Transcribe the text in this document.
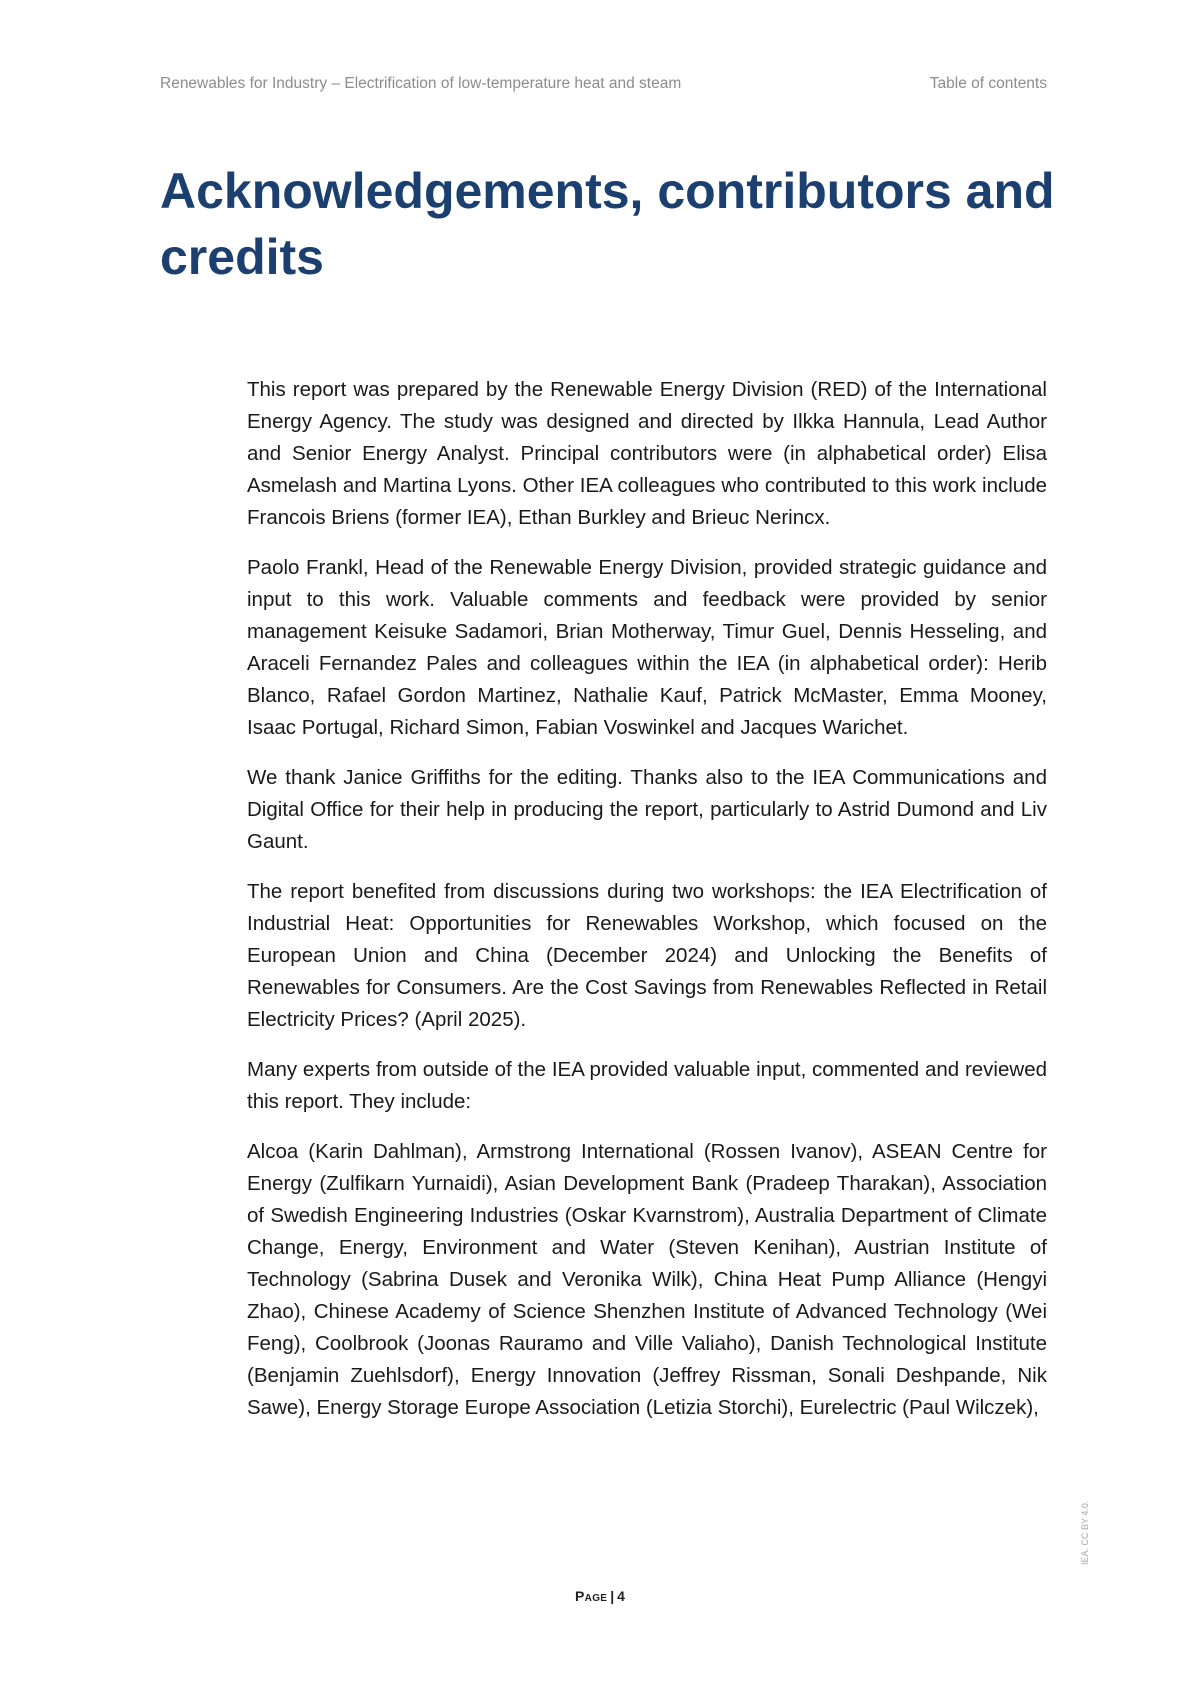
Renewables for Industry – Electrification of low-temperature heat and steam	Table of contents
Acknowledgements, contributors and credits

This report was prepared by the Renewable Energy Division (RED) of the International Energy Agency. The study was designed and directed by Ilkka Hannula, Lead Author and Senior Energy Analyst. Principal contributors were (in alphabetical order) Elisa Asmelash and Martina Lyons. Other IEA colleagues who contributed to this work include Francois Briens (former IEA), Ethan Burkley and Brieuc Nerincx.

Paolo Frankl, Head of the Renewable Energy Division, provided strategic guidance and input to this work. Valuable comments and feedback were provided by senior management Keisuke Sadamori, Brian Motherway, Timur Guel, Dennis Hesseling, and Araceli Fernandez Pales and colleagues within the IEA (in alphabetical order): Herib Blanco, Rafael Gordon Martinez, Nathalie Kauf, Patrick McMaster, Emma Mooney, Isaac Portugal, Richard Simon, Fabian Voswinkel and Jacques Warichet.

We thank Janice Griffiths for the editing. Thanks also to the IEA Communications and Digital Office for their help in producing the report, particularly to Astrid Dumond and Liv Gaunt.

The report benefited from discussions during two workshops: the IEA Electrification of Industrial Heat: Opportunities for Renewables Workshop, which focused on the European Union and China (December 2024) and Unlocking the Benefits of Renewables for Consumers. Are the Cost Savings from Renewables Reflected in Retail Electricity Prices? (April 2025).

Many experts from outside of the IEA provided valuable input, commented and reviewed this report. They include:

Alcoa (Karin Dahlman), Armstrong International (Rossen Ivanov), ASEAN Centre for Energy (Zulfikarn Yurnaidi), Asian Development Bank (Pradeep Tharakan), Association of Swedish Engineering Industries (Oskar Kvarnstrom), Australia Department of Climate Change, Energy, Environment and Water (Steven Kenihan), Austrian Institute of Technology (Sabrina Dusek and Veronika Wilk), China Heat Pump Alliance (Hengyi Zhao), Chinese Academy of Science Shenzhen Institute of Advanced Technology (Wei Feng), Coolbrook (Joonas Rauramo and Ville Valiaho), Danish Technological Institute (Benjamin Zuehlsdorf), Energy Innovation (Jeffrey Rissman, Sonali Deshpande, Nik Sawe), Energy Storage Europe Association (Letizia Storchi), Eurelectric (Paul Wilczek),

Page | 4
IEA. CC BY 4.0.
